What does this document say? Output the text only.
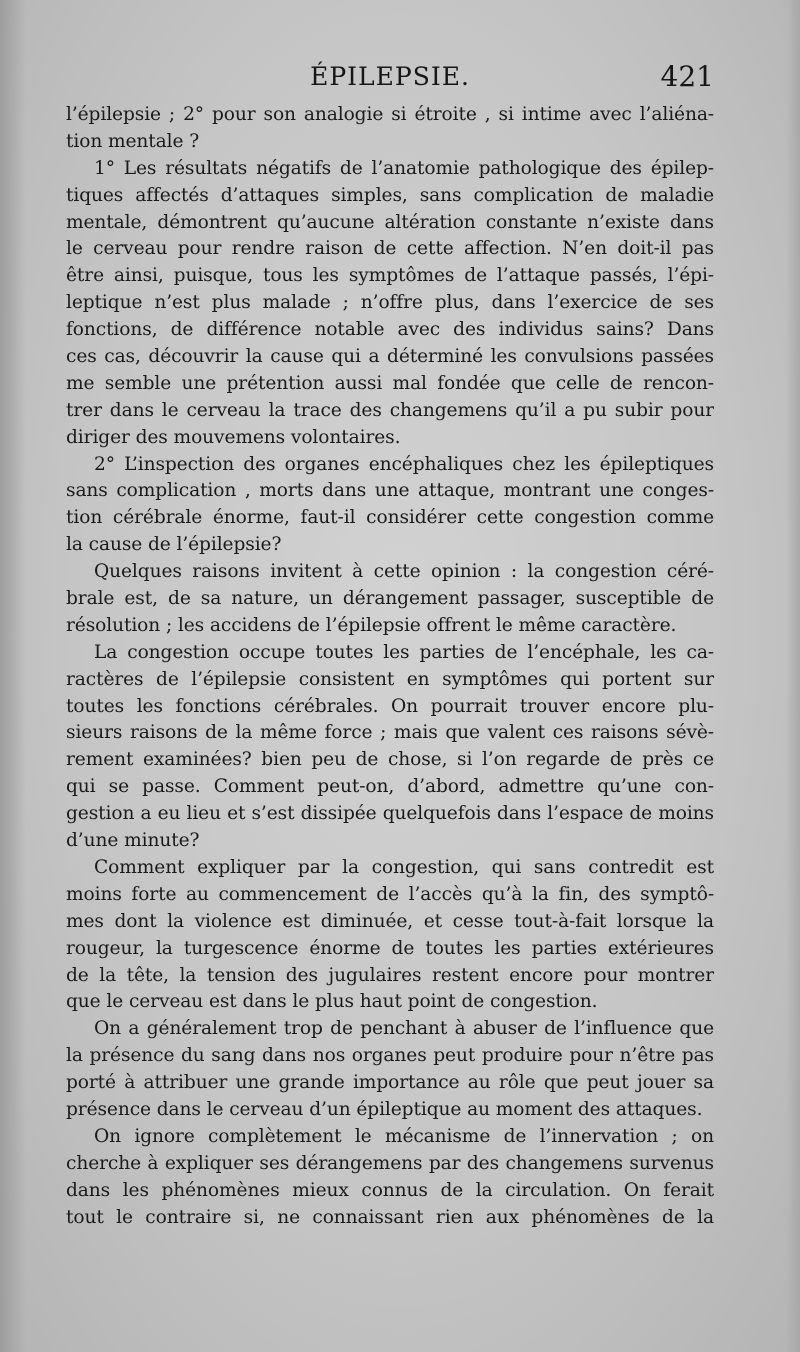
ÉPILEPSIE.	421
l’épilepsie ; 2° pour son analogie si étroite , si intime avec l’aliéna-
tion mentale ?
1° Les résultats négatifs de l’anatomie pathologique des épilep-
tiques affectés d’attaques simples, sans complication de maladie
mentale, démontrent qu’aucune altération constante n’existe dans
le cerveau pour rendre raison de cette affection. N’en doit-il pas
être ainsi, puisque, tous les symptômes de l’attaque passés, l’épi-
leptique n’est plus malade ; n’offre plus, dans l’exercice de ses
fonctions, de différence notable avec des individus sains? Dans
ces cas, découvrir la cause qui a déterminé les convulsions passées
me semble une prétention aussi mal fondée que celle de rencon-
trer dans le cerveau la trace des changemens qu’il a pu subir pour
diriger des mouvemens volontaires.
2° L’inspection des organes encéphaliques chez les épileptiques
sans complication , morts dans une attaque, montrant une conges-
tion cérébrale énorme, faut-il considérer cette congestion comme
la cause de l’épilepsie?
Quelques raisons invitent à cette opinion : la congestion céré-
brale est, de sa nature, un dérangement passager, susceptible de
résolution ; les accidens de l’épilepsie offrent le même caractère.
La congestion occupe toutes les parties de l’encéphale, les ca-
ractères de l’épilepsie consistent en symptômes qui portent sur
toutes les fonctions cérébrales. On pourrait trouver encore plu-
sieurs raisons de la même force ; mais que valent ces raisons sévè-
rement examinées? bien peu de chose, si l’on regarde de près ce
qui se passe. Comment peut-on, d’abord, admettre qu’une con-
gestion a eu lieu et s’est dissipée quelquefois dans l’espace de moins
d’une minute?
Comment expliquer par la congestion, qui sans contredit est
moins forte au commencement de l’accès qu’à la fin, des symptô-
mes dont la violence est diminuée, et cesse tout-à-fait lorsque la
rougeur, la turgescence énorme de toutes les parties extérieures
de la tête, la tension des jugulaires restent encore pour montrer
que le cerveau est dans le plus haut point de congestion.
On a généralement trop de penchant à abuser de l’influence que
la présence du sang dans nos organes peut produire pour n’être pas
porté à attribuer une grande importance au rôle que peut jouer sa
présence dans le cerveau d’un épileptique au moment des attaques.
On ignore complètement le mécanisme de l’innervation ; on
cherche à expliquer ses dérangemens par des changemens survenus
dans les phénomènes mieux connus de la circulation. On ferait
tout le contraire si, ne connaissant rien aux phénomènes de la
